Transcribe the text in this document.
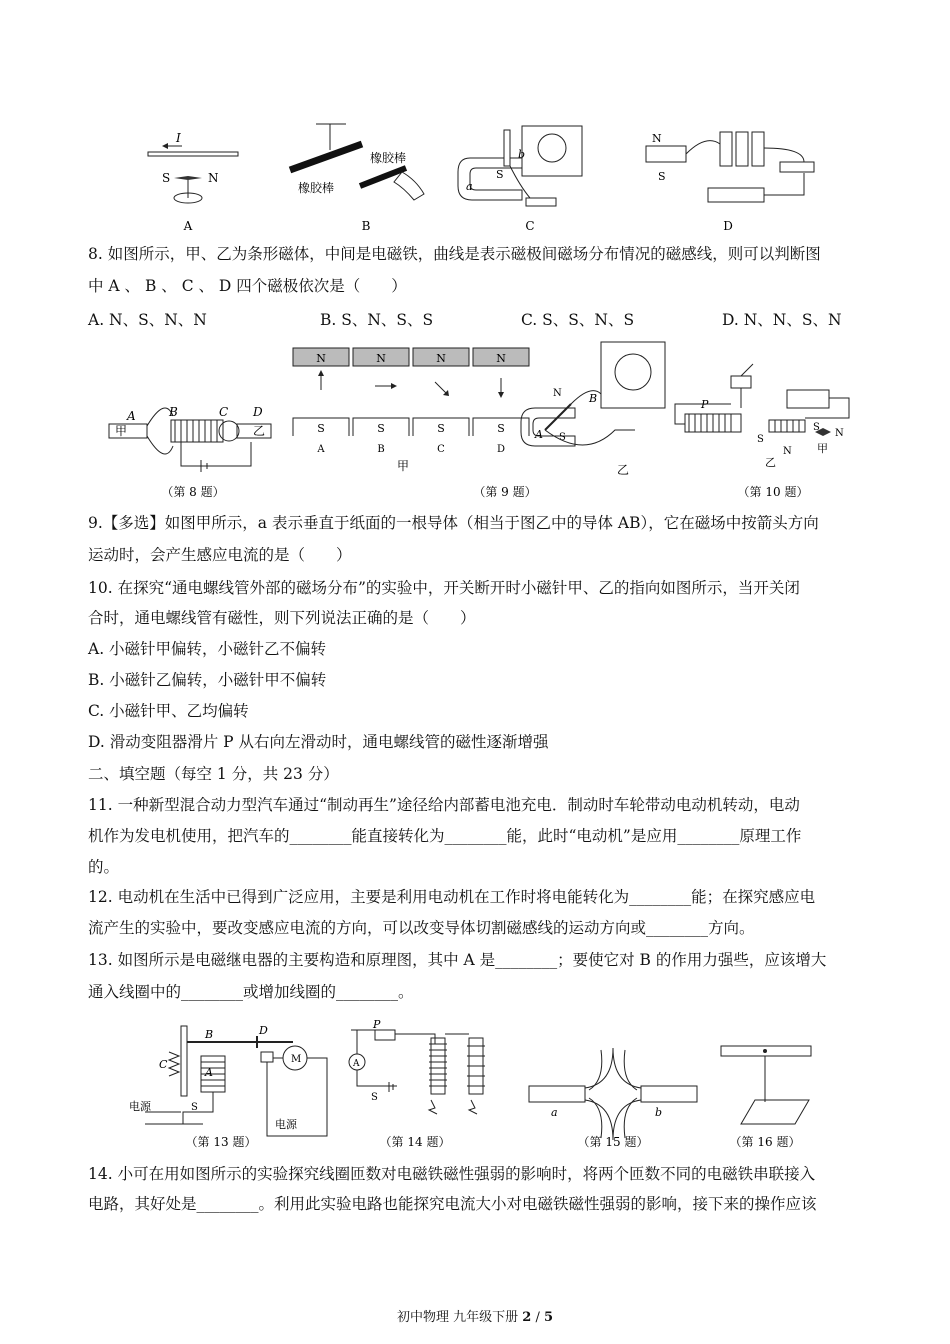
I
S	N
A
橡胶棒
橡胶棒
B
b
a
S
C
N
S
D
8. 如图所示，甲、乙为条形磁体，中间是电磁铁，曲线是表示磁极间磁场分布情况的磁感线，则可以判断图
中 A 、 B 、 C 、 D 四个磁极依次是（　　）
A. N、S、N、N	B. S、N、S、S	C. S、S、N、S	D. N、N、S、N
A	B	C D
甲	乙
（第 8 题）
N	N	N	N
S	S	S	S
A	B	C	D
甲
A
B
N
S
乙
（第 9 题）
P
S
N
S
N
乙
甲
（第 10 题）
9.【多选】如图甲所示，a 表示垂直于纸面的一根导体（相当于图乙中的导体 AB），它在磁场中按箭头方向
运动时，会产生感应电流的是（　　）
10. 在探究“通电螺线管外部的磁场分布”的实验中，开关断开时小磁针甲、乙的指向如图所示，当开关闭
合时，通电螺线管有磁性，则下列说法正确的是（　　）
A. 小磁针甲偏转，小磁针乙不偏转
B. 小磁针乙偏转，小磁针甲不偏转
C. 小磁针甲、乙均偏转
D. 滑动变阻器滑片 P 从右向左滑动时，通电螺线管的磁性逐渐增强
二、填空题（每空 1 分，共 23 分）
11. 一种新型混合动力型汽车通过“制动再生”途径给内部蓄电池充电．制动时车轮带动电动机转动，电动
机作为发电机使用，把汽车的________能直接转化为________能，此时“电动机”是应用________原理工作
的。
12. 电动机在生活中已得到广泛应用，主要是利用电动机在工作时将电能转化为________能；在探究感应电
流产生的实验中，要改变感应电流的方向，可以改变导体切割磁感线的运动方向或________方向。
13. 如图所示是电磁继电器的主要构造和原理图，其中 A 是________；要使它对 B 的作用力强些，应该增大
通入线圈中的________或增加线圈的________。
B	D
C
A
M
S
电源
电源
（第 13 题）
P
A
S
（第 14 题）
a	b
（第 15 题）	（第 16 题）
14. 小可在用如图所示的实验探究线圈匝数对电磁铁磁性强弱的影响时，将两个匝数不同的电磁铁串联接入
电路，其好处是________。利用此实验电路也能探究电流大小对电磁铁磁性强弱的影响，接下来的操作应该
初中物理 九年级下册 2 / 5
